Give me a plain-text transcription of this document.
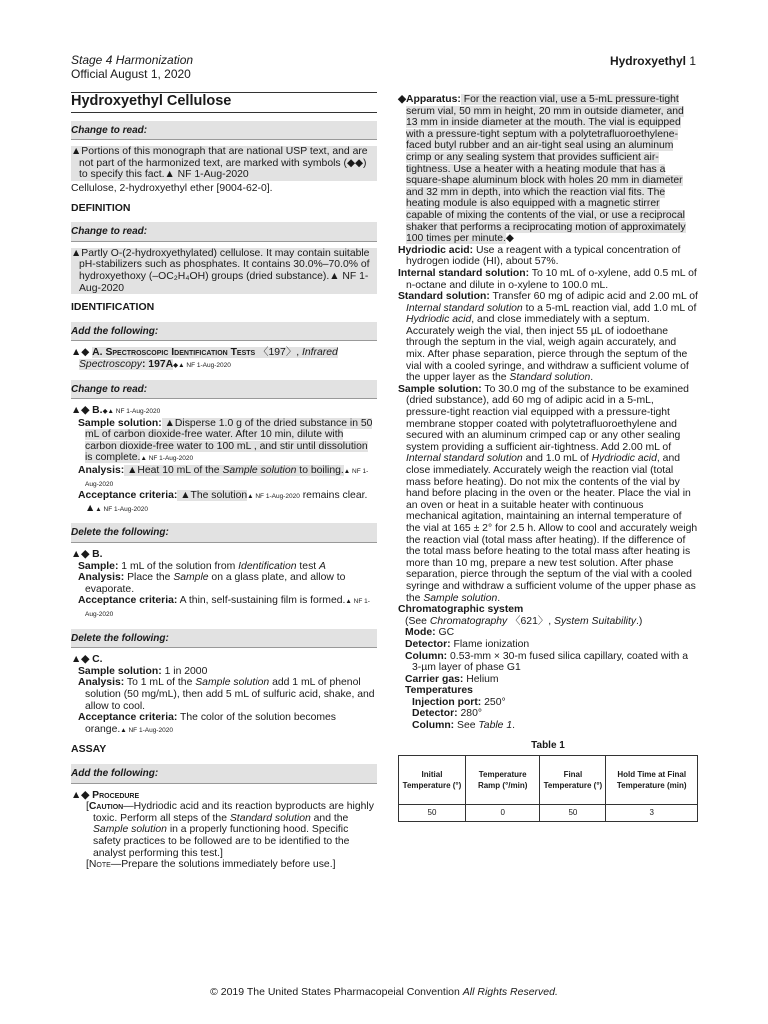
Stage 4 Harmonization
Official August 1, 2020
Hydroxyethyl 1
Hydroxyethyl Cellulose
Change to read:

▲Portions of this monograph that are national USP text, and are not part of the harmonized text, are marked with symbols (◆◆) to specify this fact.▲ NF 1-Aug-2020

Cellulose, 2-hydroxyethyl ether [9004-62-0].

DEFINITION
Change to read:

▲Partly O-(2-hydroxyethylated) cellulose. It may contain suitable pH-stabilizers such as phosphates. It contains 30.0%–70.0% of hydroxyethoxy (–OC₂H₄OH) groups (dried substance).▲ NF 1-Aug-2020

IDENTIFICATION
Add the following:

▲◆ A. Spectroscopic Identification Tests 〈197〉, Infrared Spectroscopy: 197A◆▲ NF 1-Aug-2020

Change to read:

▲◆ B.◆▲ NF 1-Aug-2020

Sample solution: ▲Disperse 1.0 g of the dried substance in 50 mL of carbon dioxide-free water. After 10 min, dilute with carbon dioxide-free water to 100 mL , and stir until dissolution is complete.▲ NF 1-Aug-2020

Analysis: ▲Heat 10 mL of the Sample solution to boiling.▲ NF 1-Aug-2020

Acceptance criteria: ▲The solution▲ NF 1-Aug-2020 remains clear. ▲▲ NF 1-Aug-2020

Delete the following:

▲◆ B.

Sample: 1 mL of the solution from Identification test A

Analysis: Place the Sample on a glass plate, and allow to evaporate.

Acceptance criteria: A thin, self-sustaining film is formed.▲ NF 1-Aug-2020

Delete the following:

▲◆ C.

Sample solution: 1 in 2000

Analysis: To 1 mL of the Sample solution add 1 mL of phenol solution (50 mg/mL), then add 5 mL of sulfuric acid, shake, and allow to cool.

Acceptance criteria: The color of the solution becomes orange.▲ NF 1-Aug-2020

ASSAY
Add the following:

▲◆ Procedure

[Caution—Hydriodic acid and its reaction byproducts are highly toxic. Perform all steps of the Standard solution and the Sample solution in a properly functioning hood. Specific safety practices to be followed are to be identified to the analyst performing this test.]

[Note—Prepare the solutions immediately before use.]

◆Apparatus: For the reaction vial, use a 5-mL pressure-tight serum vial, 50 mm in height, 20 mm in outside diameter, and 13 mm in inside diameter at the mouth. The vial is equipped with a pressure-tight septum with a polytetrafluoroethylene-faced butyl rubber and an air-tight seal using an aluminum crimp or any sealing system that provides sufficient air-tightness. Use a heater with a heating module that has a square-shape aluminum block with holes 20 mm in diameter and 32 mm in depth, into which the reaction vial fits. The heating module is also equipped with a magnetic stirrer capable of mixing the contents of the vial, or use a reciprocal shaker that performs a reciprocating motion of approximately 100 times per minute.◆

Hydriodic acid: Use a reagent with a typical concentration of hydrogen iodide (HI), about 57%.

Internal standard solution: To 10 mL of o-xylene, add 0.5 mL of n-octane and dilute in o-xylene to 100.0 mL.

Standard solution: Transfer 60 mg of adipic acid and 2.00 mL of Internal standard solution to a 5-mL reaction vial, add 1.0 mL of Hydriodic acid, and close immediately with a septum. Accurately weigh the vial, then inject 55 µL of iodoethane through the septum in the vial, weigh again accurately, and mix. After phase separation, pierce through the septum of the vial with a cooled syringe, and withdraw a sufficient volume of the upper layer as the Standard solution.

Sample solution: To 30.0 mg of the substance to be examined (dried substance), add 60 mg of adipic acid in a 5-mL, pressure-tight reaction vial equipped with a pressure-tight membrane stopper coated with polytetrafluoroethylene and secured with an aluminum crimped cap or any other sealing system providing a sufficient air-tightness. Add 2.00 mL of Internal standard solution and 1.0 mL of Hydriodic acid, and close immediately. Accurately weigh the reaction vial (total mass before heating). Do not mix the contents of the vial by hand before placing in the oven or the heater. Place the vial in an oven or heat in a suitable heater with continuous mechanical agitation, maintaining an internal temperature of the vial at 165 ± 2° for 2.5 h. Allow to cool and accurately weigh the reaction vial (total mass after heating). If the difference of the total mass before heating to the total mass after heating is more than 10 mg, prepare a new test solution. After phase separation, pierce through the septum of the vial with a cooled syringe and withdraw a sufficient volume of the upper phase as the Sample solution.

Chromatographic system

(See Chromatography 〈621〉, System Suitability.)

Mode: GC

Detector: Flame ionization

Column: 0.53-mm × 30-m fused silica capillary, coated with a 3-µm layer of phase G1

Carrier gas: Helium

Temperatures

Injection port: 250°

Detector: 280°

Column: See Table 1.

Table 1
Initial Temperature (°)	Temperature Ramp (°/min)	Final Temperature (°)	Hold Time at Final Temperature (min)
50	0	50	3
© 2019 The United States Pharmacopeial Convention All Rights Reserved.
